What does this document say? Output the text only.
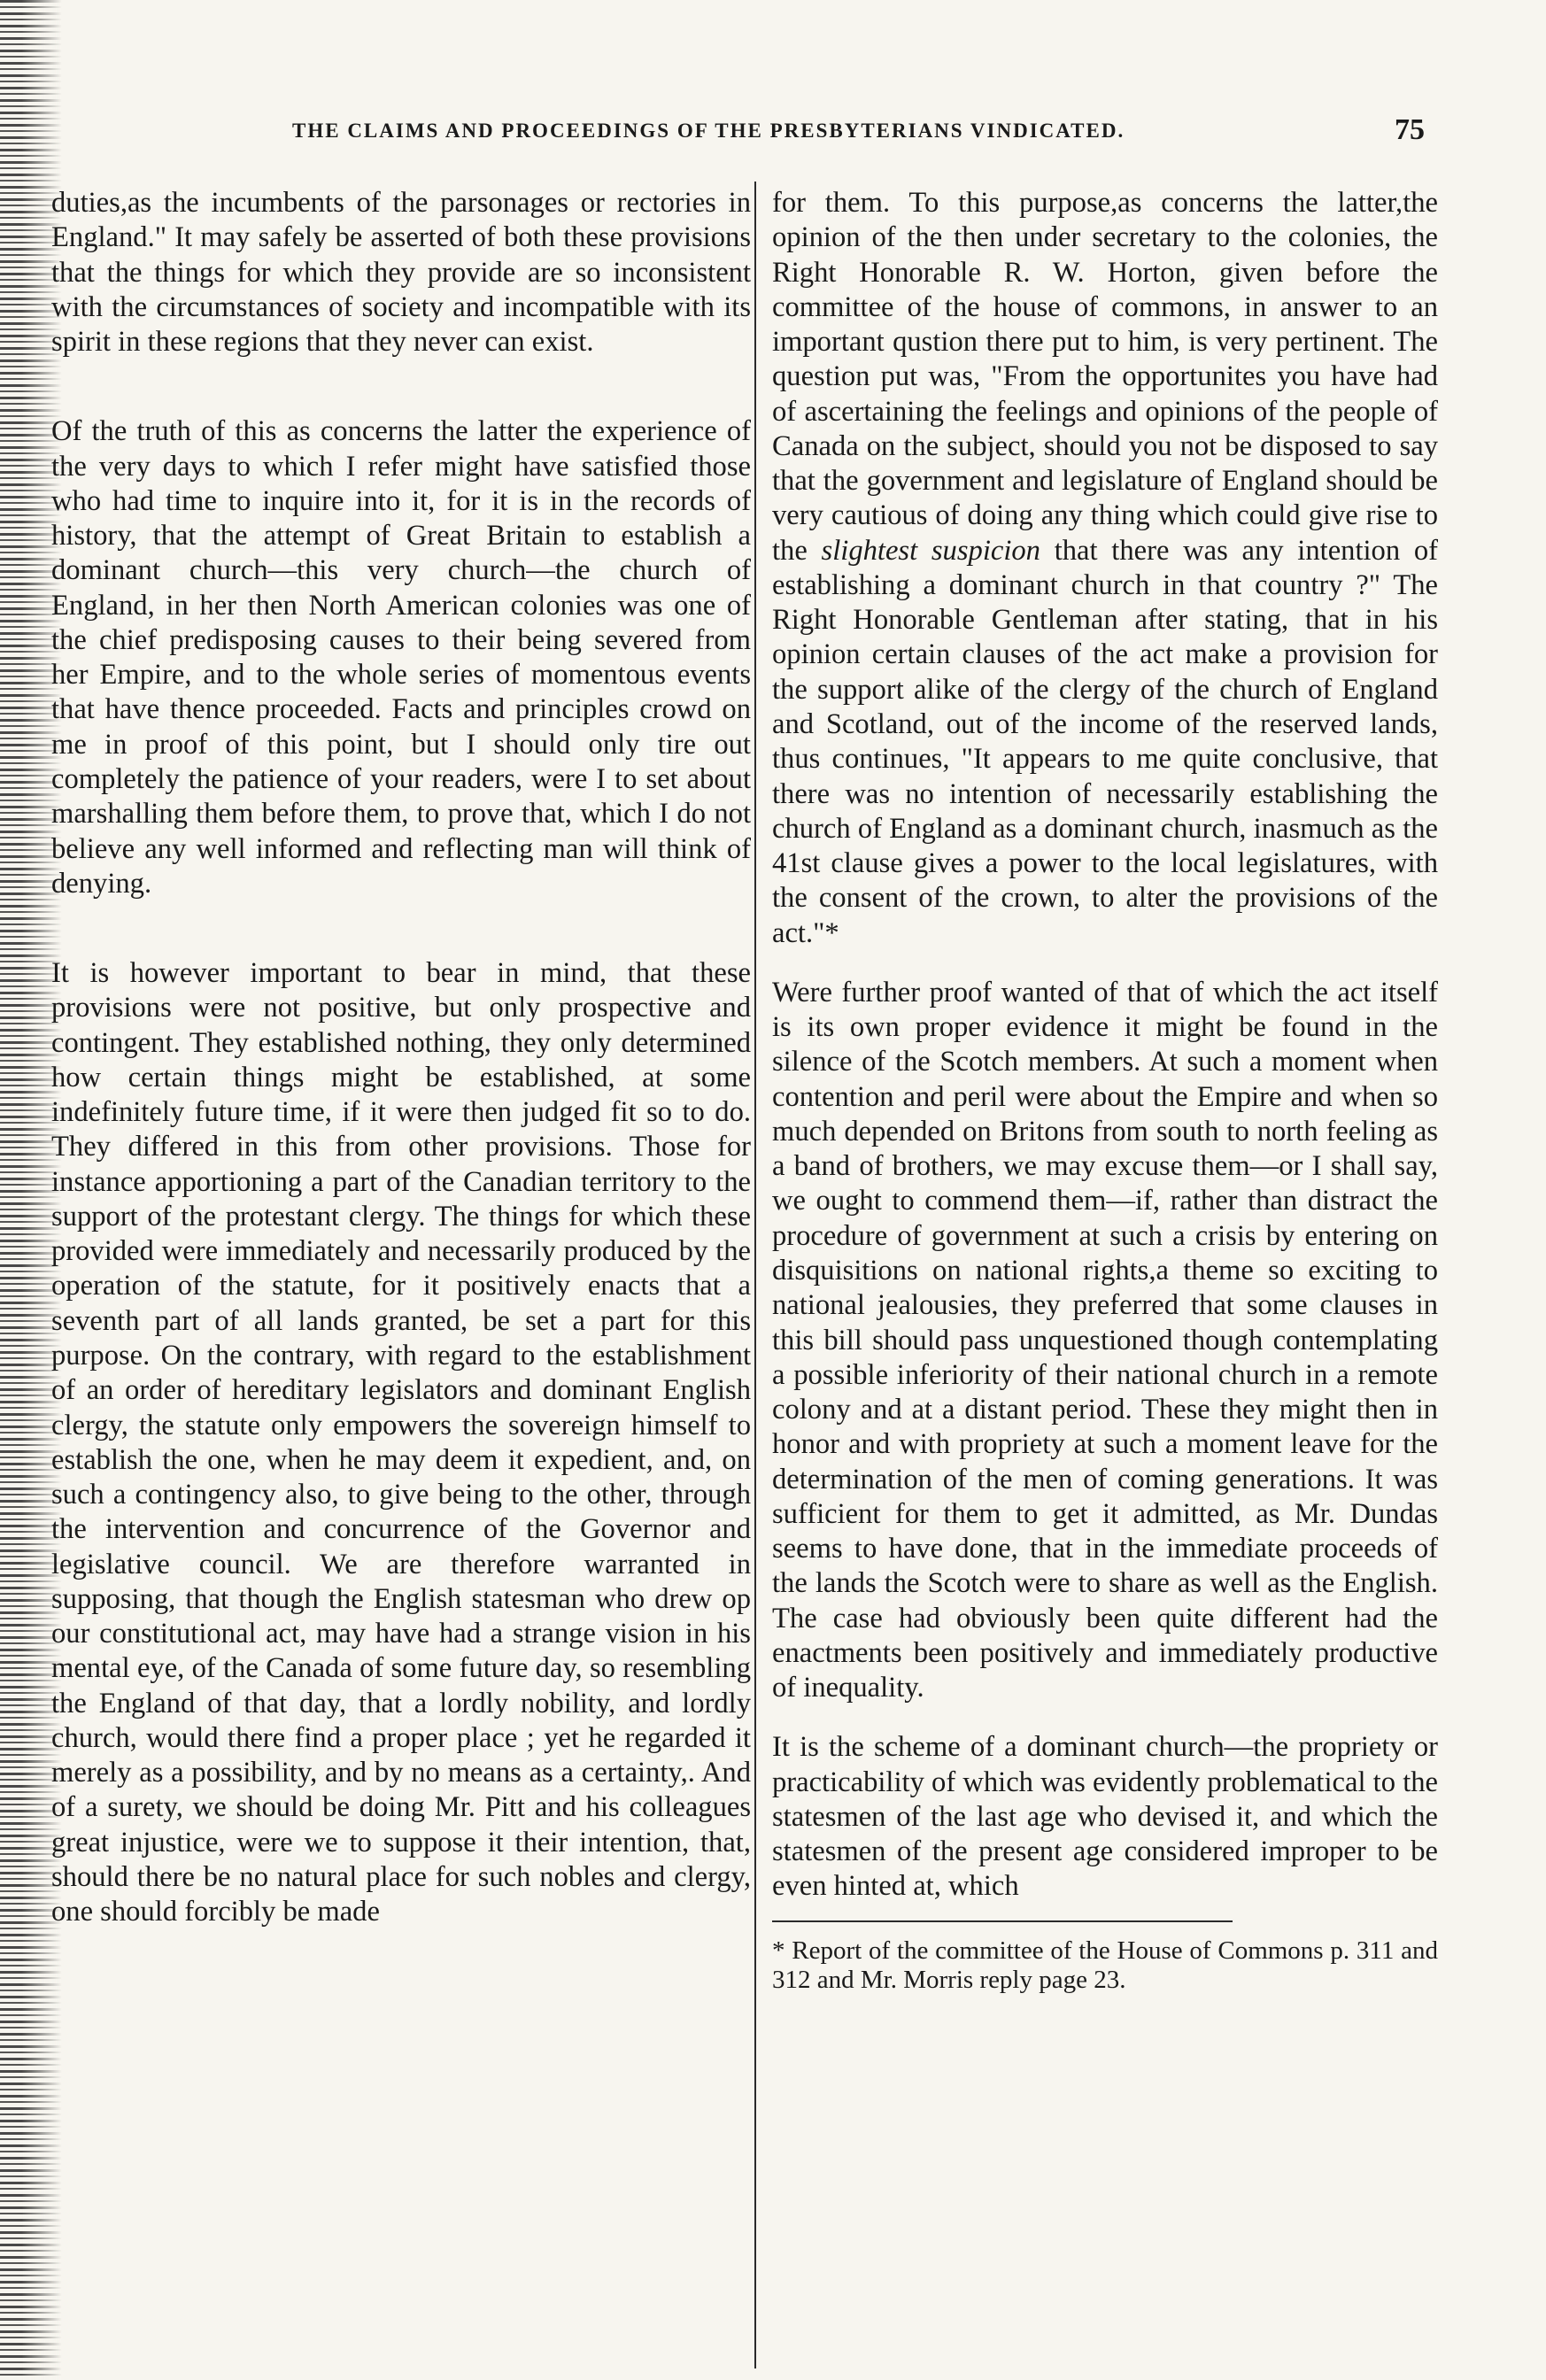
THE CLAIMS AND PROCEEDINGS OF THE PRESBYTERIANS VINDICATED.	75

duties,as the incumbents of the parsonages or rectories in England." It may safely be asserted of both these provisions that the things for which they provide are so inconsistent with the circumstances of society and incompatible with its spirit in these regions that they never can exist.

Of the truth of this as concerns the latter the experience of the very days to which I refer might have satisfied those who had time to inquire into it, for it is in the records of history, that the attempt of Great Britain to establish a dominant church—this very church—the church of England, in her then North American colonies was one of the chief predisposing causes to their being severed from her Empire, and to the whole series of momentous events that have thence proceeded. Facts and principles crowd on me in proof of this point, but I should only tire out completely the patience of your readers, were I to set about marshalling them before them, to prove that, which I do not believe any well informed and reflecting man will think of denying.

It is however important to bear in mind, that these provisions were not positive, but only prospective and contingent. They established nothing, they only determined how certain things might be established, at some indefinitely future time, if it were then judged fit so to do. They differed in this from other provisions. Those for instance apportioning a part of the Canadian territory to the support of the protestant clergy. The things for which these provided were immediately and necessarily produced by the operation of the statute, for it positively enacts that a seventh part of all lands granted, be set a part for this purpose. On the contrary, with regard to the establishment of an order of hereditary legislators and dominant English clergy, the statute only empowers the sovereign himself to establish the one, when he may deem it expedient, and, on such a contingency also, to give being to the other, through the intervention and concurrence of the Governor and legislative council. We are therefore warranted in supposing, that though the English statesman who drew op our constitutional act, may have had a strange vision in his mental eye, of the Canada of some future day, so resembling the England of that day, that a lordly nobility, and lordly church, would there find a proper place ; yet he regarded it merely as a possibility, and by no means as a certainty,. And of a surety, we should be doing Mr. Pitt and his colleagues great injustice, were we to suppose it their intention, that, should there be no natural place for such nobles and clergy, one should forcibly be made

for them. To this purpose,as concerns the latter,the opinion of the then under secretary to the colonies, the Right Honorable R. W. Horton, given before the committee of the house of commons, in answer to an important qustion there put to him, is very pertinent. The question put was, "From the opportunites you have had of ascertaining the feelings and opinions of the people of Canada on the subject, should you not be disposed to say that the government and legislature of England should be very cautious of doing any thing which could give rise to the slightest suspicion that there was any intention of establishing a dominant church in that country ?" The Right Honorable Gentleman after stating, that in his opinion certain clauses of the act make a provision for the support alike of the clergy of the church of England and Scotland, out of the income of the reserved lands, thus continues, "It appears to me quite conclusive, that there was no intention of necessarily establishing the church of England as a dominant church, inasmuch as the 41st clause gives a power to the local legislatures, with the consent of the crown, to alter the provisions of the act."*

Were further proof wanted of that of which the act itself is its own proper evidence it might be found in the silence of the Scotch members. At such a moment when contention and peril were about the Empire and when so much depended on Britons from south to north feeling as a band of brothers, we may excuse them—or I shall say, we ought to commend them—if, rather than distract the procedure of government at such a crisis by entering on disquisitions on national rights,a theme so exciting to national jealousies, they preferred that some clauses in this bill should pass unquestioned though contemplating a possible inferiority of their national church in a remote colony and at a distant period. These they might then in honor and with propriety at such a moment leave for the determination of the men of coming generations. It was sufficient for them to get it admitted, as Mr. Dundas seems to have done, that in the immediate proceeds of the lands the Scotch were to share as well as the English. The case had obviously been quite different had the enactments been positively and immediately productive of inequality.

It is the scheme of a dominant church—the propriety or practicability of which was evidently problematical to the statesmen of the last age who devised it, and which the statesmen of the present age considered improper to be even hinted at, which

* Report of the committee of the House of Commons p. 311 and 312 and Mr. Morris reply page 23.
